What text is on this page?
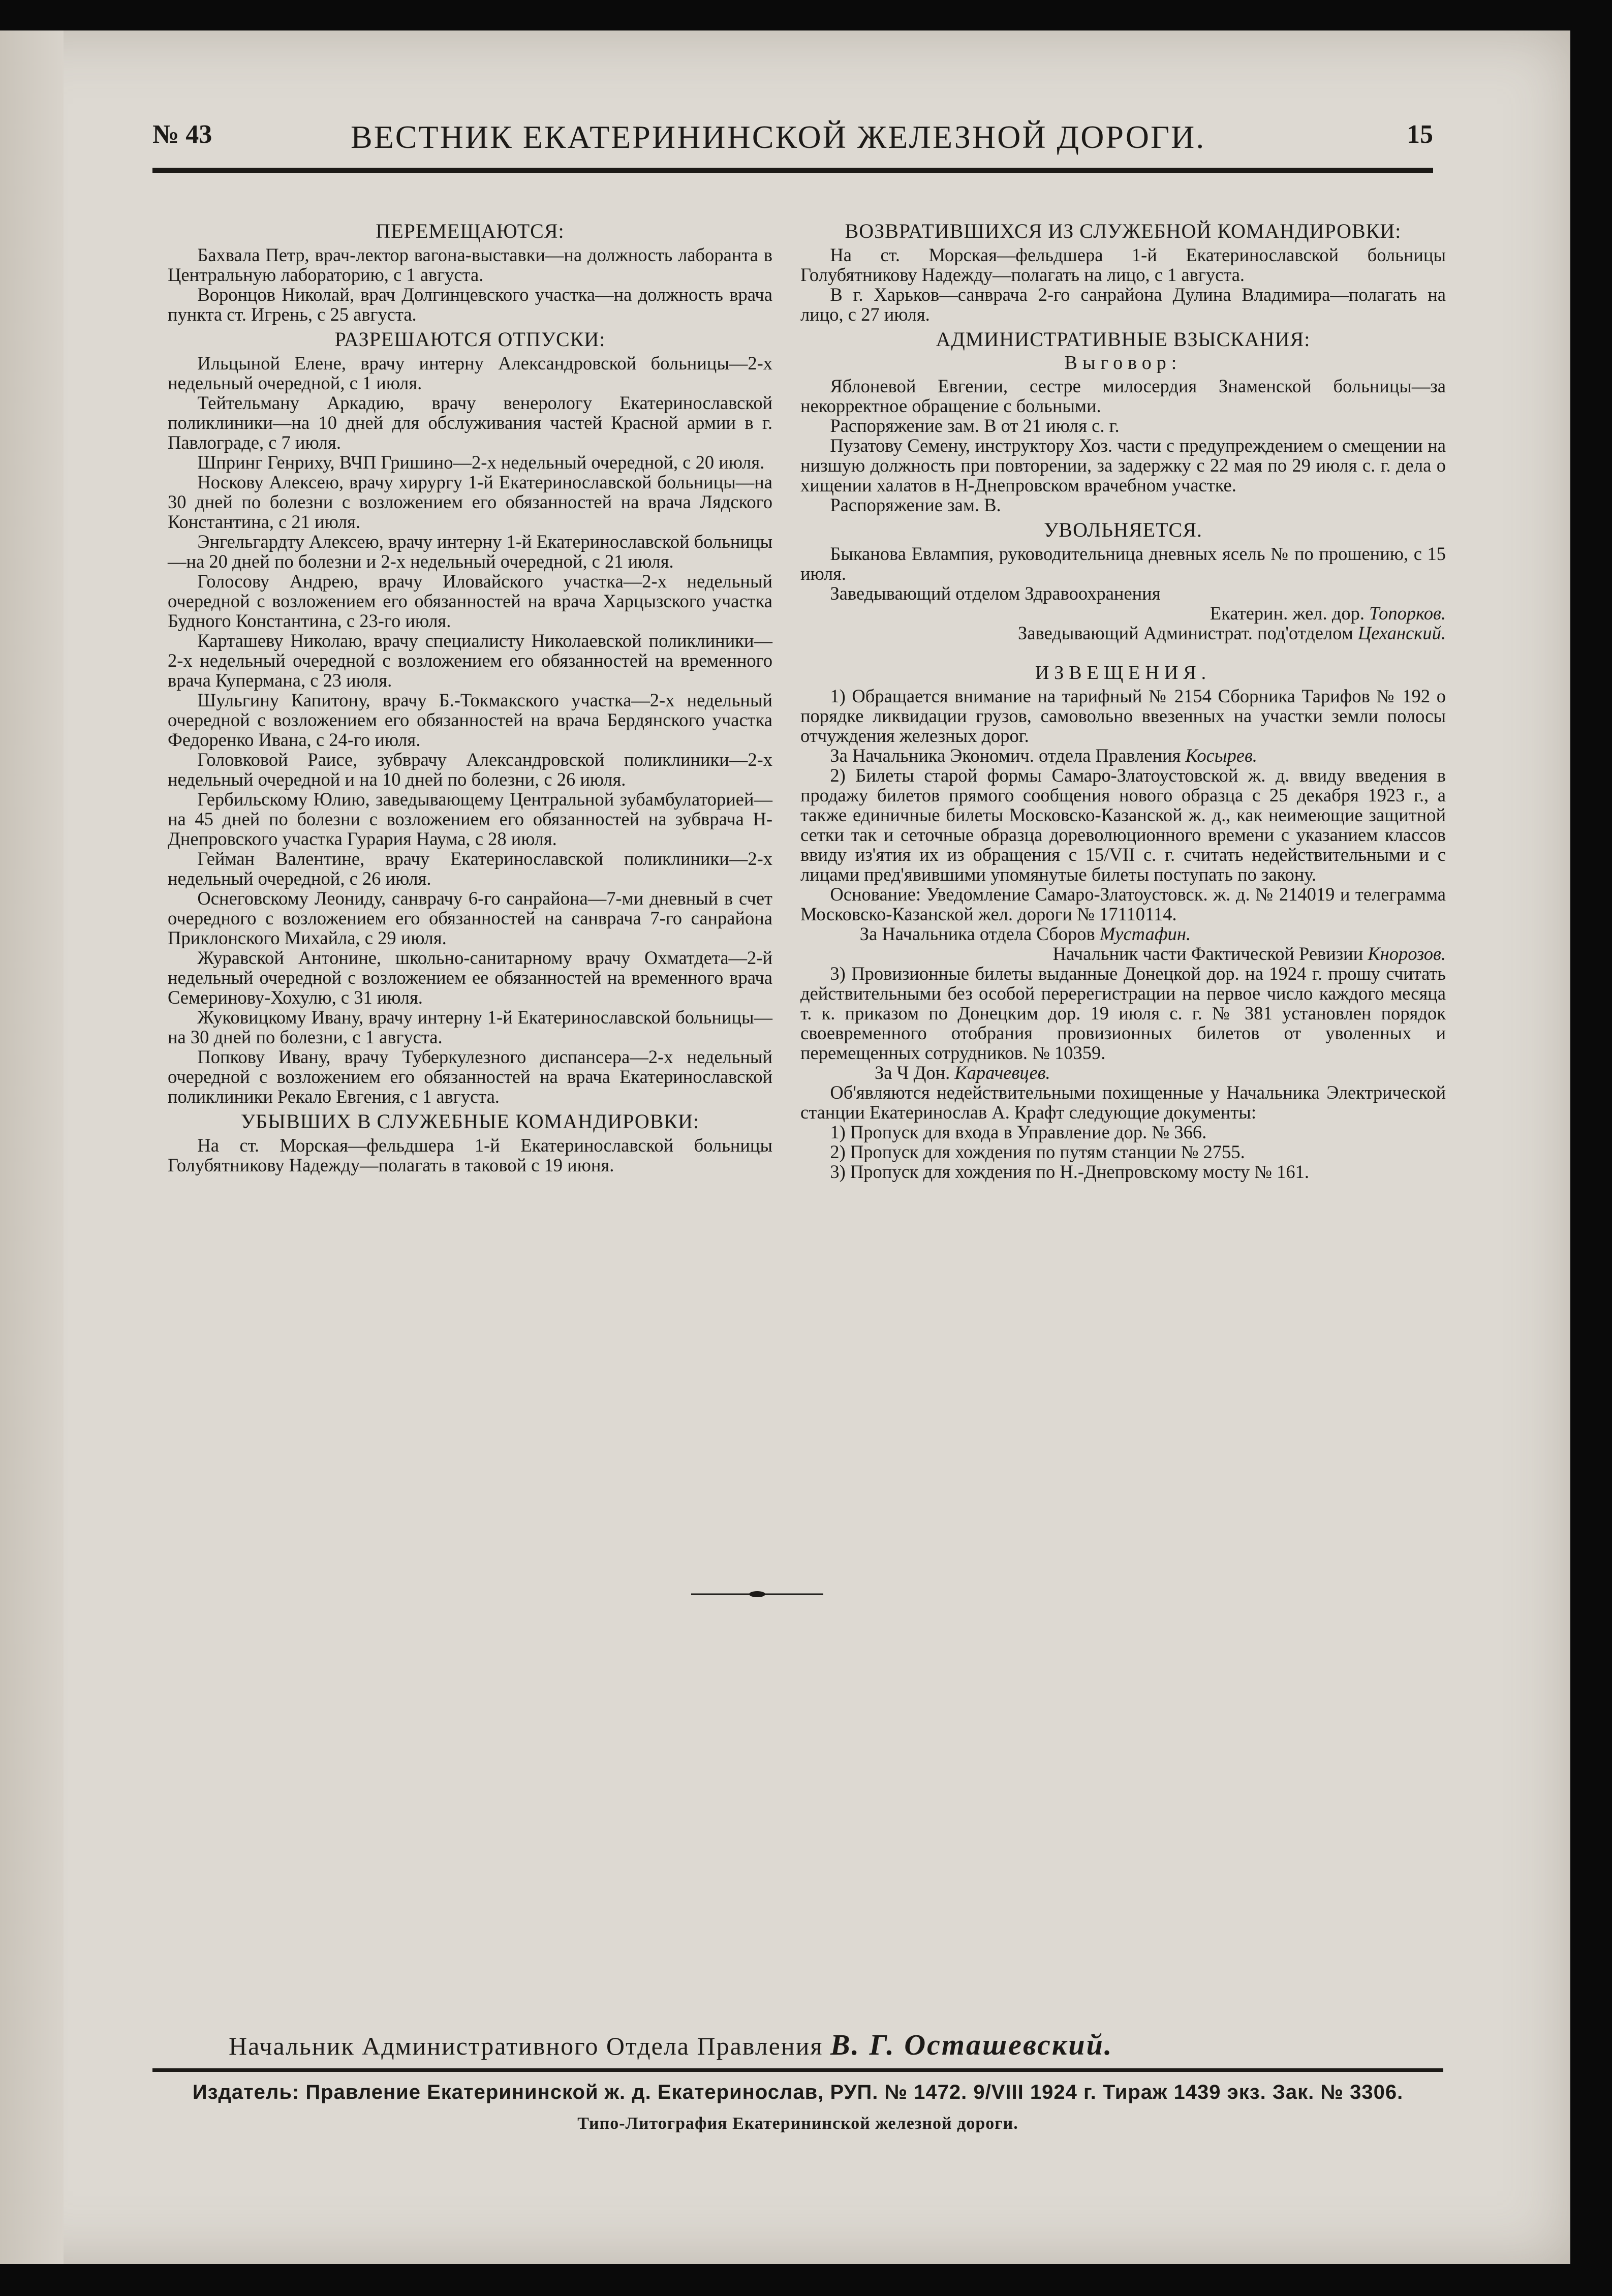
№ 43	ВЕСТНИК ЕКАТЕРИНИНСКОЙ ЖЕЛЕЗНОЙ ДОРОГИ.	15
ПЕРЕМЕЩАЮТСЯ:

Бахвала Петр, врач-лектор вагона-выставки—на должность лаборанта в Центральную лабораторию, с 1 августа.

Воронцов Николай, врач Долгинцевского участка—на должность врача пункта ст. Игрень, с 25 августа.

РАЗРЕШАЮТСЯ ОТПУСКИ:

Ильцыной Елене, врачу интерну Александровской больницы—2-х недельный очередной, с 1 июля.

Тейтельману Аркадию, врачу венерологу Екатеринославской поликлиники—на 10 дней для обслуживания частей Красной армии в г. Павлограде, с 7 июля.

Шпринг Генриху, ВЧП Гришино—2-х недельный очередной, с 20 июля.

Носкову Алексею, врачу хирургу 1-й Екатеринославской больницы—на 30 дней по болезни с возложением его обязанностей на врача Лядского Константина, с 21 июля.

Энгельгардту Алексею, врачу интерну 1-й Екатеринославской больницы—на 20 дней по болезни и 2-х недельный очередной, с 21 июля.

Голосову Андрею, врачу Иловайского участка—2-х недельный очередной с возложением его обязанностей на врача Харцызского участка Будного Константина, с 23-го июля.

Карташеву Николаю, врачу специалисту Николаевской поликлиники—2-х недельный очередной с возложением его обязанностей на временного врача Купермана, с 23 июля.

Шульгину Капитону, врачу Б.-Токмакского участка—2-х недельный очередной с возложением его обязанностей на врача Бердянского участка Федоренко Ивана, с 24-го июля.

Головковой Раисе, зубврачу Александровской поликлиники—2-х недельный очередной и на 10 дней по болезни, с 26 июля.

Гербильскому Юлию, заведывающему Центральной зубамбулаторией—на 45 дней по болезни с возложением его обязанностей на зубврача Н-Днепровского участка Гурария Наума, с 28 июля.

Гейман Валентине, врачу Екатеринославской поликлиники—2-х недельный очередной, с 26 июля.

Оснеговскому Леониду, санврачу 6-го санрайона—7-ми дневный в счет очередного с возложением его обязанностей на санврача 7-го санрайона Приклонского Михайла, с 29 июля.

Журавской Антонине, школьно-санитарному врачу Охматдета—2-й недельный очередной с возложением ее обязанностей на временного врача Семеринову-Хохулю, с 31 июля.

Жуковицкому Ивану, врачу интерну 1-й Екатеринославской больницы—на 30 дней по болезни, с 1 августа.

Попкову Ивану, врачу Туберкулезного диспансера—2-х недельный очередной с возложением его обязанностей на врача Екатеринославской поликлиники Рекало Евгения, с 1 августа.

УБЫВШИХ В СЛУЖЕБНЫЕ КОМАНДИРОВКИ:

На ст. Морская—фельдшера 1-й Екатеринославской больницы Голубятникову Надежду—полагать в таковой с 19 июня.

ВОЗВРАТИВШИХСЯ ИЗ СЛУЖЕБНОЙ КОМАНДИРОВКИ:

На ст. Морская—фельдшера 1-й Екатеринославской больницы Голубятникову Надежду—полагать на лицо, с 1 августа.

В г. Харьков—санврача 2-го санрайона Дулина Владимира—полагать на лицо, с 27 июля.

АДМИНИСТРАТИВНЫЕ ВЗЫСКАНИЯ:
Выговор:

Яблоневой Евгении, сестре милосердия Знаменской больницы—за некорректное обращение с больными.

Распоряжение зам. В от 21 июля с. г.

Пузатову Семену, инструктору Хоз. части с предупреждением о смещении на низшую должность при повторении, за задержку с 22 мая по 29 июля с. г. дела о хищении халатов в Н-Днепровском врачебном участке.

Распоряжение зам. В.

УВОЛЬНЯЕТСЯ.

Быканова Евлампия, руководительница дневных ясель № по прошению, с 15 июля.

Заведывающий отделом Здравоохранения

Екатерин. жел. дор. Топорков.

Заведывающий Администрат. под'отделом Цеханский.

ИЗВЕЩЕНИЯ.

1) Обращается внимание на тарифный № 2154 Сборника Тарифов № 192 о порядке ликвидации грузов, самовольно ввезенных на участки земли полосы отчуждения железных дорог.

За Начальника Экономич. отдела Правления Косырев.

2) Билеты старой формы Самаро-Златоустовской ж. д. ввиду введения в продажу билетов прямого сообщения нового образца с 25 декабря 1923 г., а также единичные билеты Московско-Казанской ж. д., как неимеющие защитной сетки так и сеточные образца дореволюционного времени с указанием классов ввиду из'ятия их из обращения с 15/VII с. г. считать недействительными и с лицами пред'явившими упомянутые билеты поступать по закону.

Основание: Уведомление Самаро-Златоустовск. ж. д. № 214019 и телеграмма Московско-Казанской жел. дороги № 17110114.

За Начальника отдела Сборов Мустафин.

Начальник части Фактической Ревизии Кнорозов.

3) Провизионные билеты выданные Донецкой дор. на 1924 г. прошу считать действительными без особой перерегистрации на первое число каждого месяца т. к. приказом по Донецким дор. 19 июля с. г. № 381 установлен порядок своевременного отобрания провизионных билетов от уволенных и перемещенных сотрудников. № 10359.

За Ч Дон. Карачевцев.

Об'являются недействительными похищенные у Начальника Электрической станции Екатеринослав А. Крафт следующие документы:

1) Пропуск для входа в Управление дор. № 366.

2) Пропуск для хождения по путям станции № 2755.

3) Пропуск для хождения по Н.-Днепровскому мосту № 161.

Начальник Административного Отдела Правления В. Г. Осташевский.
Издатель: Правление Екатерининской ж. д. Екатеринослав, РУП. № 1472. 9/VIII 1924 г. Тираж 1439 экз. Зак. № 3306.
Типо-Литография Екатерининской железной дороги.
